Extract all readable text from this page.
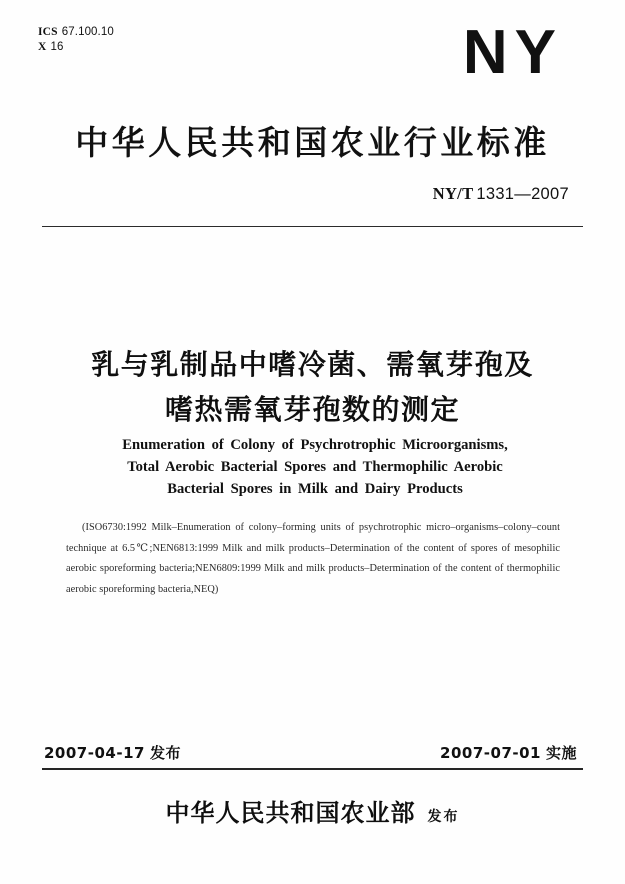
ICS 67.100.10
X 16	NY
中华人民共和国农业行业标准
NY/T 1331—2007
乳与乳制品中嗜冷菌、需氧芽孢及
嗜热需氧芽孢数的测定
Enumeration of Colony of Psychrotrophic Microorganisms,
Total Aerobic Bacterial Spores and Thermophilic Aerobic
Bacterial Spores in Milk and Dairy Products
(ISO6730:1992 Milk–Enumeration of colony–forming units of psychrotrophic micro–organisms–colony–count technique at 6.5℃;NEN6813:1999 Milk and milk products–Determination of the content of spores of mesophilic aerobic sporeforming bacteria;NEN6809:1999 Milk and milk products–Determination of the content of thermophilic aerobic sporeforming bacteria,NEQ)
2007-04-17 发布	2007-07-01 实施
中华人民共和国农业部 发布
